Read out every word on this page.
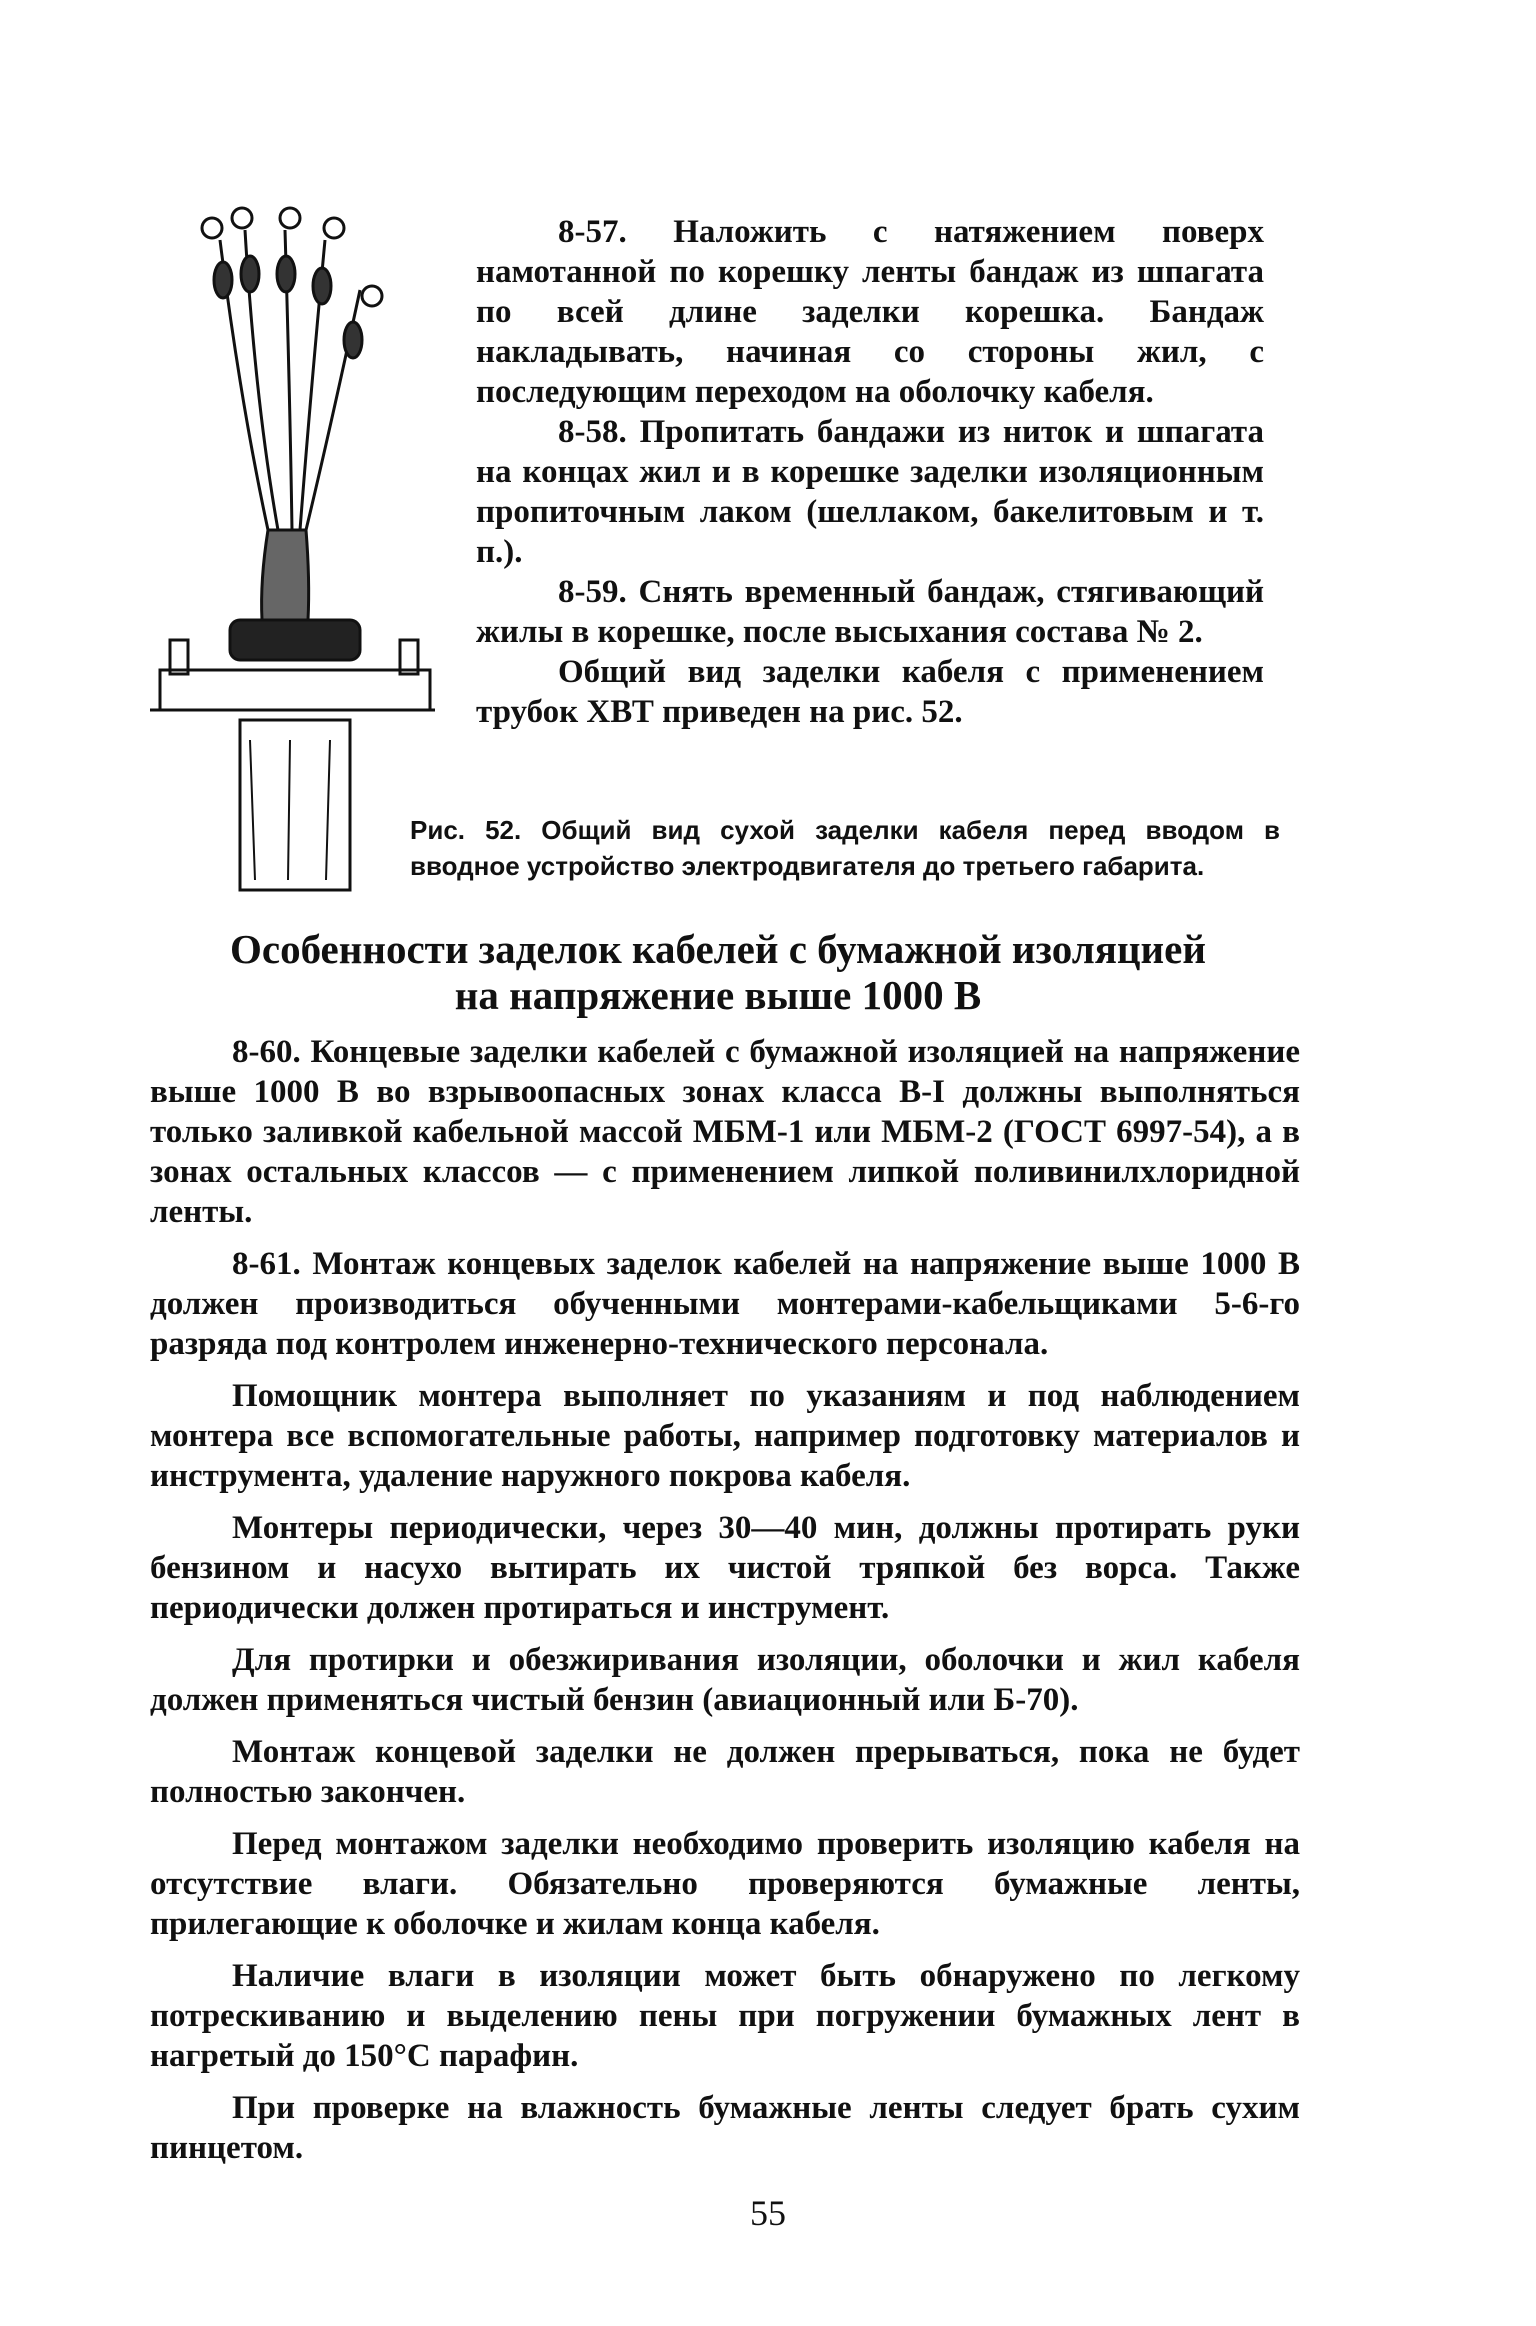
8-57. Наложить с натяжением поверх намотанной по корешку ленты бандаж из шпагата по всей длине заделки корешка. Бандаж накладывать, начиная со стороны жил, с последующим переходом на оболочку кабеля.

8-58. Пропитать бандажи из ниток и шпагата на концах жил и в корешке заделки изоляционным пропиточным лаком (шеллаком, бакелитовым и т. п.).

8-59. Снять временный бандаж, стягивающий жилы в корешке, после высыхания состава № 2.

Общий вид заделки кабеля с применением трубок ХВТ приведен на рис. 52.

Рис. 52. Общий вид сухой заделки кабеля перед вводом в вводное устройство электродвигателя до третьего габарита.
Особенности заделок кабелей с бумажной изоляцией
на напряжение выше 1000 В

8-60. Концевые заделки кабелей с бумажной изоляцией на напряжение выше 1000 В во взрывоопасных зонах класса В-I должны выполняться только заливкой кабельной массой МБМ-1 или МБМ-2 (ГОСТ 6997-54), а в зонах остальных классов — с применением липкой поливинилхлоридной ленты.

8-61. Монтаж концевых заделок кабелей на напряжение выше 1000 В должен производиться обученными монтерами-кабельщиками 5-6-го разряда под контролем инженерно-технического персонала.

Помощник монтера выполняет по указаниям и под наблюдением монтера все вспомогательные работы, например подготовку материалов и инструмента, удаление наружного покрова кабеля.

Монтеры периодически, через 30—40 мин, должны протирать руки бензином и насухо вытирать их чистой тряпкой без ворса. Также периодически должен протираться и инструмент.

Для протирки и обезжиривания изоляции, оболочки и жил кабеля должен применяться чистый бензин (авиационный или Б-70).

Монтаж концевой заделки не должен прерываться, пока не будет полностью закончен.

Перед монтажом заделки необходимо проверить изоляцию кабеля на отсутствие влаги. Обязательно проверяются бумажные ленты, прилегающие к оболочке и жилам конца кабеля.

Наличие влаги в изоляции может быть обнаружено по легкому потрескиванию и выделению пены при погружении бумажных лент в нагретый до 150°С парафин.

При проверке на влажность бумажные ленты следует брать сухим пинцетом.

55
